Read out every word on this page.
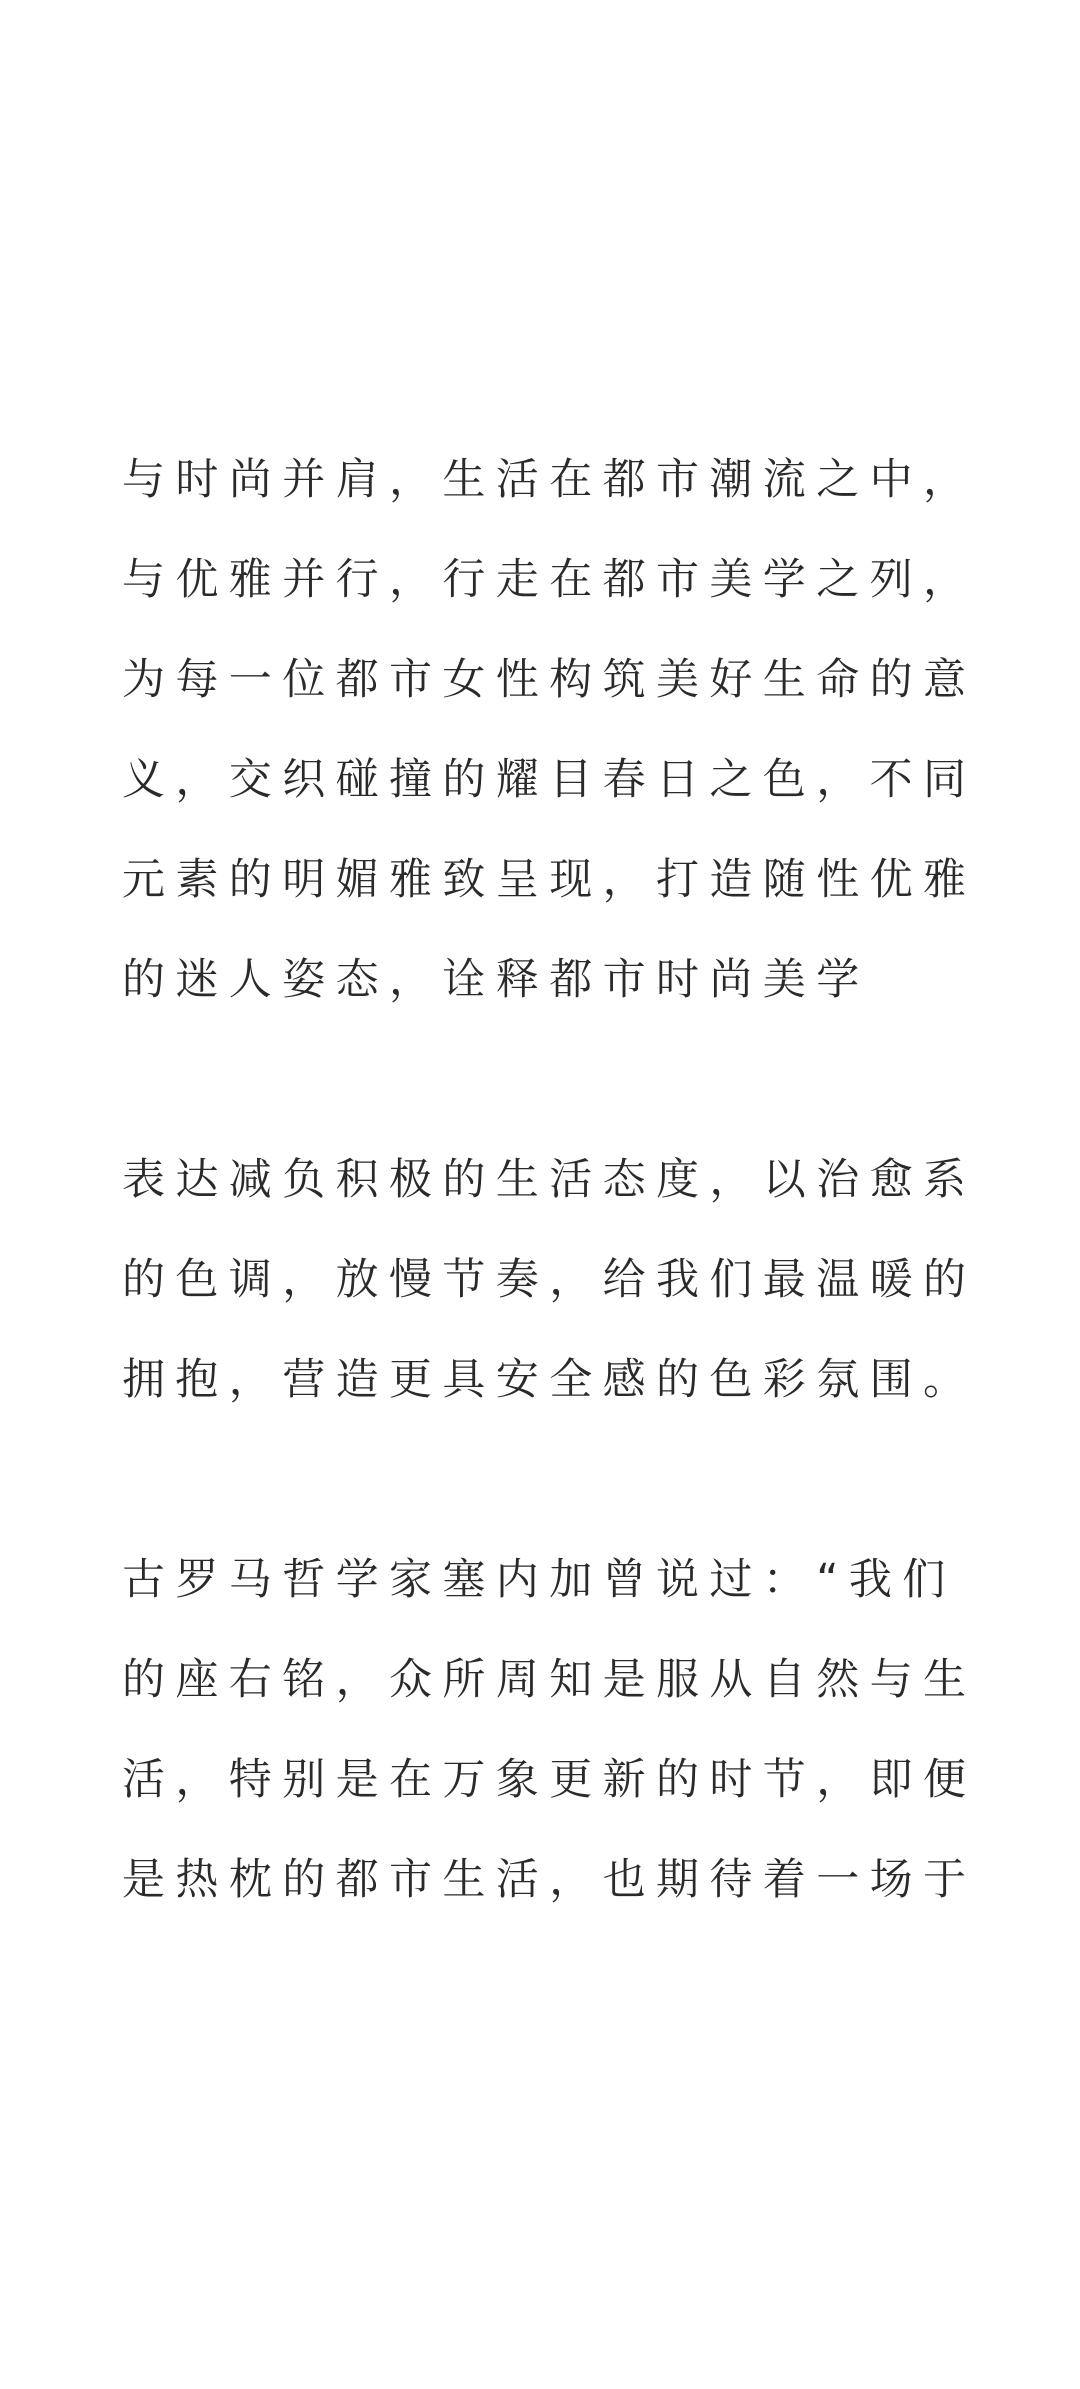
与时尚并肩，生活在都市潮流之中，
与优雅并行，行走在都市美学之列，
为每一位都市女性构筑美好生命的意
义，交织碰撞的耀目春日之色，不同
元素的明媚雅致呈现，打造随性优雅
的迷人姿态，诠释都市时尚美学
表达减负积极的生活态度，以治愈系
的色调，放慢节奏，给我们最温暖的
拥抱，营造更具安全感的色彩氛围。
古罗马哲学家塞内加曾说过：“我们
的座右铭，众所周知是服从自然与生
活，特别是在万象更新的时节，即便
是热枕的都市生活，也期待着一场于
